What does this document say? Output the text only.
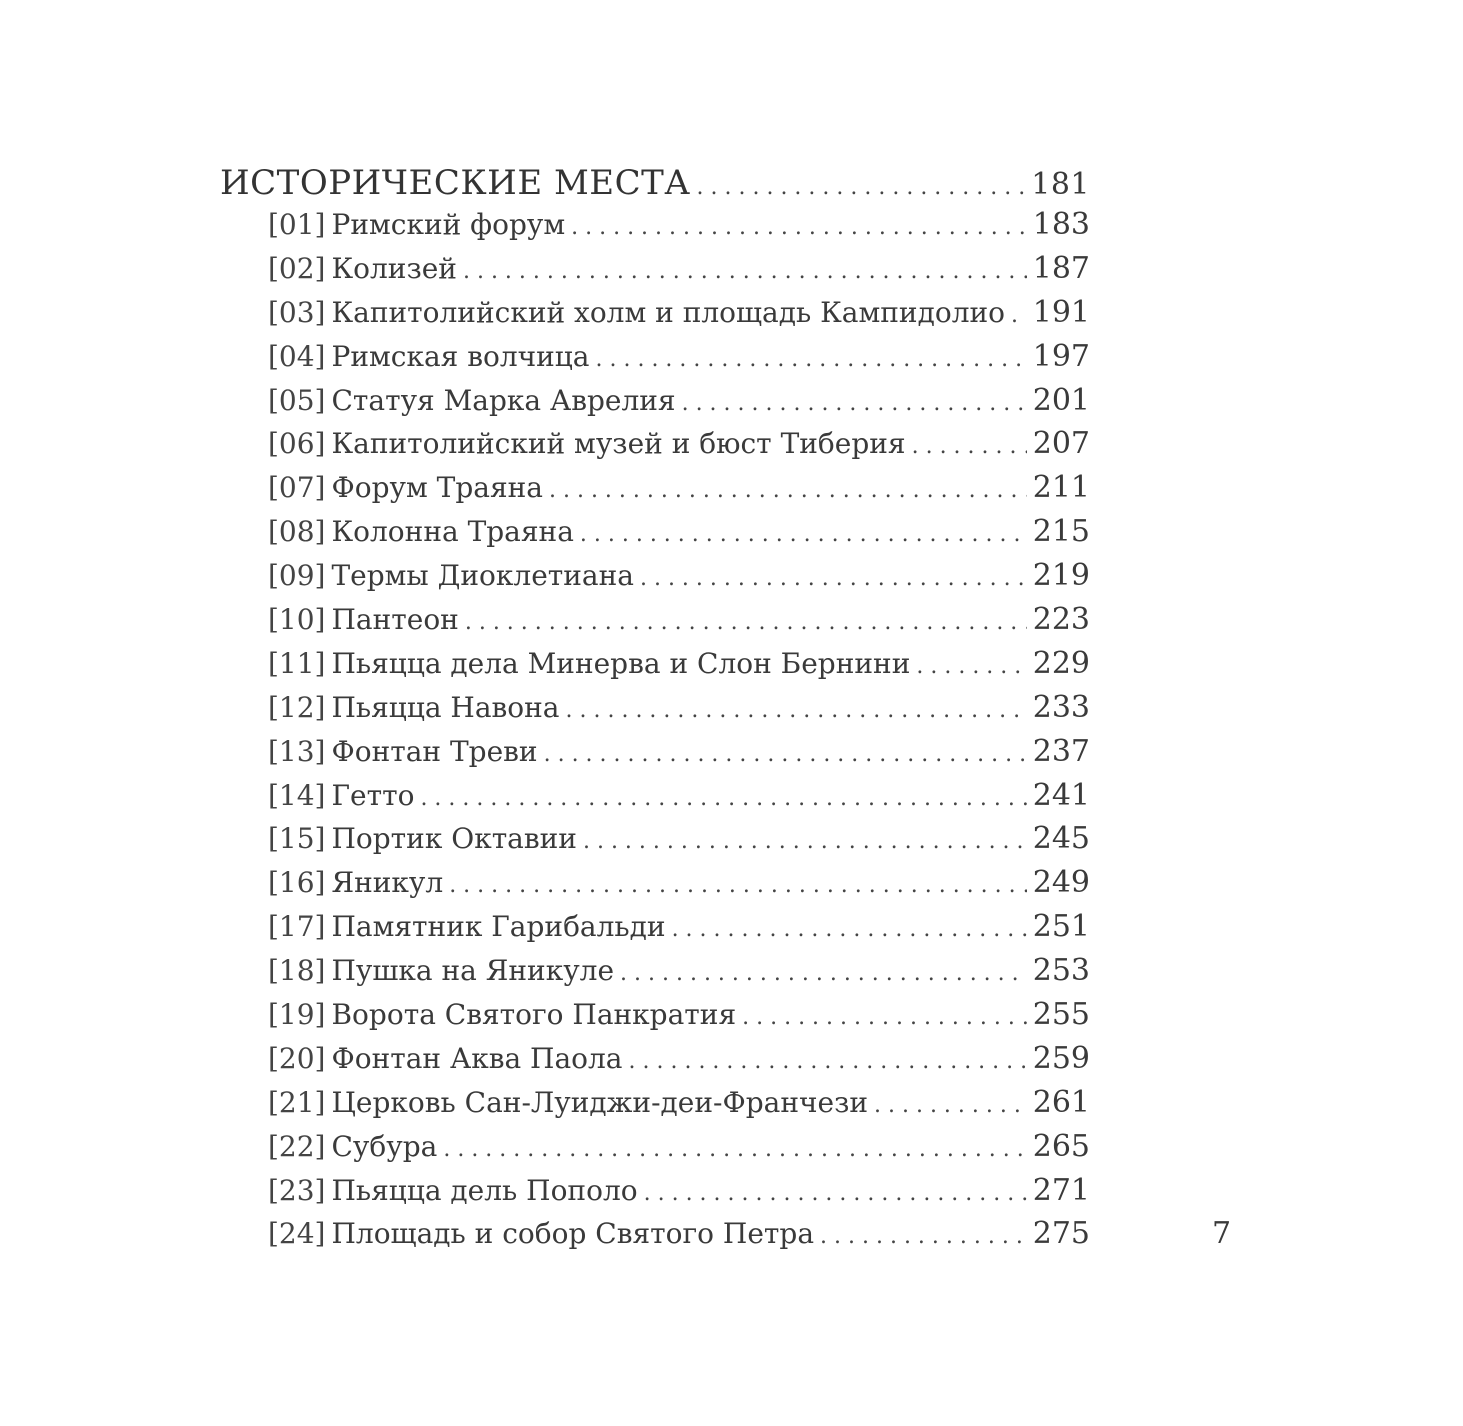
ИСТОРИЧЕСКИЕ МЕСТА . . .	181
[01] Римский форум . . .	183
[02] Колизей . . .	187
[03] Капитолийский холм и площадь Кампидолио . . . 191
[04] Римская волчица . . .	197
[05] Статуя Марка Аврелия . . .	201
[06] Капитолийский музей и бюст Тиберия . . .	207
[07] Форум Траяна . . .	211
[08] Колонна Траяна . . .	215
[09] Термы Диоклетиана . . .	219
[10] Пантеон . . .	223
[11] Пьяцца дела Минерва и Слон Бернини . . .	229
[12] Пьяцца Навона . . .	233
[13] Фонтан Треви . . .	237
[14] Гетто . . .	241
[15] Портик Октавии . . .	245
[16] Яникул . . .	249
[17] Памятник Гарибальди . . .	251
[18] Пушка на Яникуле . . .	253
[19] Ворота Святого Панкратия . . .	255
[20] Фонтан Аква Паола . . .	259
[21] Церковь Сан-Луиджи-деи-Франчези . . .	261
[22] Субура . . .	265
[23] Пьяцца дель Пополо . . .	271
[24] Площадь и собор Святого Петра . . .	275	7
